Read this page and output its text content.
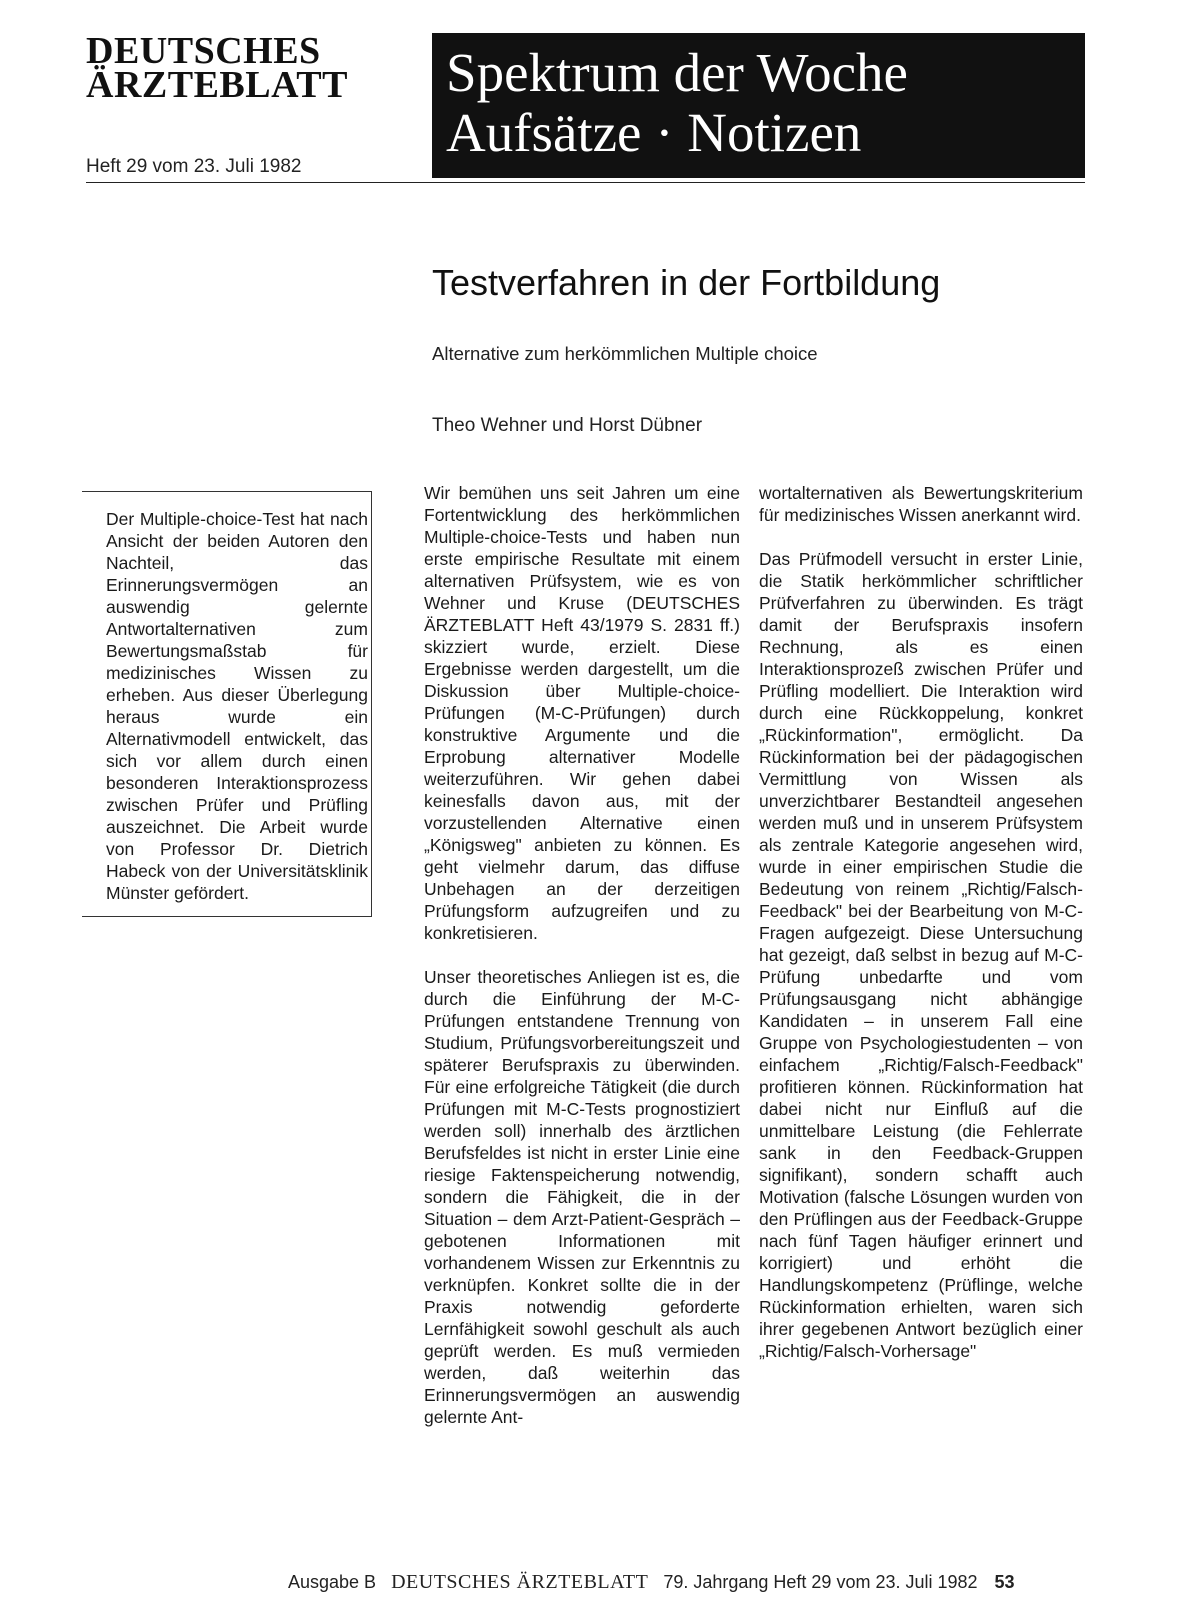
DEUTSCHES
ÄRZTEBLATT
Heft 29 vom 23. Juli 1982
Spektrum der Woche
Aufsätze · Notizen
Testverfahren in der Fortbildung
Alternative zum herkömmlichen Multiple choice
Theo Wehner und Horst Dübner
Der Multiple-choice-Test hat nach Ansicht der beiden Autoren den Nachteil, das Erinnerungsvermögen an auswendig gelernte Antwortalternativen zum Bewertungsmaßstab für medizinisches Wissen zu erheben. Aus dieser Überlegung heraus wurde ein Alternativmodell entwickelt, das sich vor allem durch einen besonderen Interaktionsprozess zwischen Prüfer und Prüfling auszeichnet. Die Arbeit wurde von Professor Dr. Dietrich Habeck von der Universitätsklinik Münster gefördert.

Wir bemühen uns seit Jahren um eine Fortentwicklung des herkömmlichen Multiple-choice-Tests und haben nun erste empirische Resultate mit einem alternativen Prüfsystem, wie es von Wehner und Kruse (DEUTSCHES ÄRZTEBLATT Heft 43/1979 S. 2831 ff.) skizziert wurde, erzielt. Diese Ergebnisse werden dargestellt, um die Diskussion über Multiple-choice-Prüfungen (M-C-Prüfungen) durch konstruktive Argumente und die Erprobung alternativer Modelle weiterzuführen. Wir gehen dabei keinesfalls davon aus, mit der vorzustellenden Alternative einen „Königsweg" anbieten zu können. Es geht vielmehr darum, das diffuse Unbehagen an der derzeitigen Prüfungsform aufzugreifen und zu konkretisieren.

Unser theoretisches Anliegen ist es, die durch die Einführung der M-C-Prüfungen entstandene Trennung von Studium, Prüfungsvorbereitungszeit und späterer Berufspraxis zu überwinden. Für eine erfolgreiche Tätigkeit (die durch Prüfungen mit M-C-Tests prognostiziert werden soll) innerhalb des ärztlichen Berufsfeldes ist nicht in erster Linie eine riesige Faktenspeicherung notwendig, sondern die Fähigkeit, die in der Situation – dem Arzt-Patient-Gespräch – gebotenen Informationen mit vorhandenem Wissen zur Erkenntnis zu verknüpfen. Konkret sollte die in der Praxis notwendig geforderte Lernfähigkeit sowohl geschult als auch geprüft werden. Es muß vermieden werden, daß weiterhin das Erinnerungsvermögen an auswendig gelernte Ant-

wortalternativen als Bewertungskriterium für medizinisches Wissen anerkannt wird.

Das Prüfmodell versucht in erster Linie, die Statik herkömmlicher schriftlicher Prüfverfahren zu überwinden. Es trägt damit der Berufspraxis insofern Rechnung, als es einen Interaktionsprozeß zwischen Prüfer und Prüfling modelliert. Die Interaktion wird durch eine Rückkoppelung, konkret „Rückinformation", ermöglicht. Da Rückinformation bei der pädagogischen Vermittlung von Wissen als unverzichtbarer Bestandteil angesehen werden muß und in unserem Prüfsystem als zentrale Kategorie angesehen wird, wurde in einer empirischen Studie die Bedeutung von reinem „Richtig/Falsch-Feedback" bei der Bearbeitung von M-C-Fragen aufgezeigt. Diese Untersuchung hat gezeigt, daß selbst in bezug auf M-C-Prüfung unbedarfte und vom Prüfungsausgang nicht abhängige Kandidaten – in unserem Fall eine Gruppe von Psychologiestudenten – von einfachem „Richtig/Falsch-Feedback" profitieren können. Rückinformation hat dabei nicht nur Einfluß auf die unmittelbare Leistung (die Fehlerrate sank in den Feedback-Gruppen signifikant), sondern schafft auch Motivation (falsche Lösungen wurden von den Prüflingen aus der Feedback-Gruppe nach fünf Tagen häufiger erinnert und korrigiert) und erhöht die Handlungskompetenz (Prüflinge, welche Rückinformation erhielten, waren sich ihrer gegebenen Antwort bezüglich einer „Richtig/Falsch-Vorhersage"

Ausgabe B DEUTSCHES ÄRZTEBLATT 79. Jahrgang Heft 29 vom 23. Juli 1982 53
